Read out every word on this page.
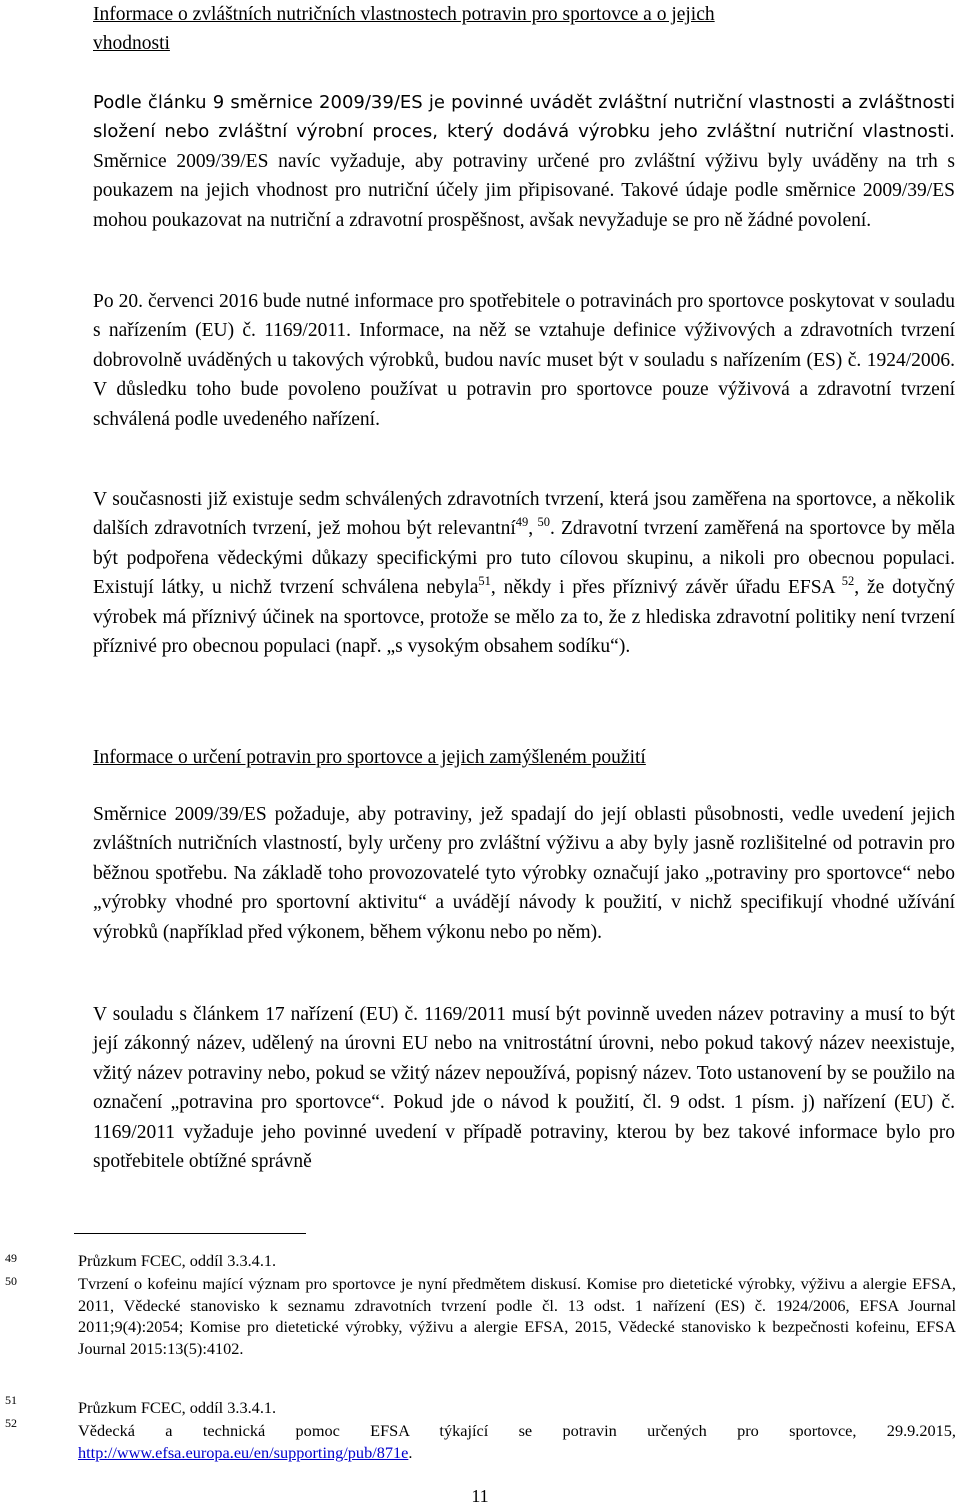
Informace o zvláštních nutričních vlastnostech potravin pro sportovce a o jejich
vhodnosti
Podle článku 9 směrnice 2009/39/ES je povinné uvádět zvláštní nutriční vlastnosti a zvláštnosti složení nebo zvláštní výrobní proces, který dodává výrobku jeho zvláštní nutriční vlastnosti. Směrnice 2009/39/ES navíc vyžaduje, aby potraviny určené pro zvláštní výživu byly uváděny na trh s poukazem na jejich vhodnost pro nutriční účely jim připisované. Takové údaje podle směrnice 2009/39/ES mohou poukazovat na nutriční a zdravotní prospěšnost, avšak nevyžaduje se pro ně žádné povolení.
Po 20. červenci 2016 bude nutné informace pro spotřebitele o potravinách pro sportovce poskytovat v souladu s nařízením (EU) č. 1169/2011. Informace, na něž se vztahuje definice výživových a zdravotních tvrzení dobrovolně uváděných u takových výrobků, budou navíc muset být v souladu s nařízením (ES) č. 1924/2006. V důsledku toho bude povoleno používat u potravin pro sportovce pouze výživová a zdravotní tvrzení schválená podle uvedeného nařízení.
V současnosti již existuje sedm schválených zdravotních tvrzení, která jsou zaměřena na sportovce, a několik dalších zdravotních tvrzení, jež mohou být relevantní$^{49}$, $^{50}$. Zdravotní tvrzení zaměřená na sportovce by měla být podpořena vědeckými důkazy specifickými pro tuto cílovou skupinu, a nikoli pro obecnou populaci. Existují látky, u nichž tvrzení schválena nebyla$^{51}$, někdy i přes příznivý závěr úřadu EFSA $^{52}$, že dotyčný výrobek má příznivý účinek na sportovce, protože se mělo za to, že z hlediska zdravotní politiky není tvrzení příznivé pro obecnou populaci (např. „s vysokým obsahem sodíku“).
Informace o určení potravin pro sportovce a jejich zamýšleném použití
Směrnice 2009/39/ES požaduje, aby potraviny, jež spadají do její oblasti působnosti, vedle uvedení jejich zvláštních nutričních vlastností, byly určeny pro zvláštní výživu a aby byly jasně rozlišitelné od potravin pro běžnou spotřebu. Na základě toho provozovatelé tyto výrobky označují jako „potraviny pro sportovce“ nebo „výrobky vhodné pro sportovní aktivitu“ a uvádějí návody k použití, v nichž specifikují vhodné užívání výrobků (například před výkonem, během výkonu nebo po něm).
V souladu s článkem 17 nařízení (EU) č. 1169/2011 musí být povinně uveden název potraviny a musí to být její zákonný název, udělený na úrovni EU nebo na vnitrostátní úrovni, nebo pokud takový název neexistuje, vžitý název potraviny nebo, pokud se vžitý název nepoužívá, popisný název. Toto ustanovení by se použilo na označení „potravina pro sportovce“. Pokud jde o návod k použití, čl. 9 odst. 1 písm. j) nařízení (EU) č. 1169/2011 vyžaduje jeho povinné uvedení v případě potraviny, kterou by bez takové informace bylo pro spotřebitele obtížné správně
49	Průzkum FCEC, oddíl 3.3.4.1.
50	Tvrzení o kofeinu mající význam pro sportovce je nyní předmětem diskusí. Komise pro dietetické výrobky, výživu a alergie EFSA, 2011, Vědecké stanovisko k seznamu zdravotních tvrzení podle čl. 13 odst. 1 nařízení (ES) č. 1924/2006, EFSA Journal 2011;9(4):2054; Komise pro dietetické výrobky, výživu a alergie EFSA, 2015, Vědecké stanovisko k bezpečnosti kofeinu, EFSA Journal 2015:13(5):4102.
51	Průzkum FCEC, oddíl 3.3.4.1.
52	Vědecká a technická pomoc EFSA týkající se potravin určených pro sportovce, 29.9.2015, http://www.efsa.europa.eu/en/supporting/pub/871e.
11
